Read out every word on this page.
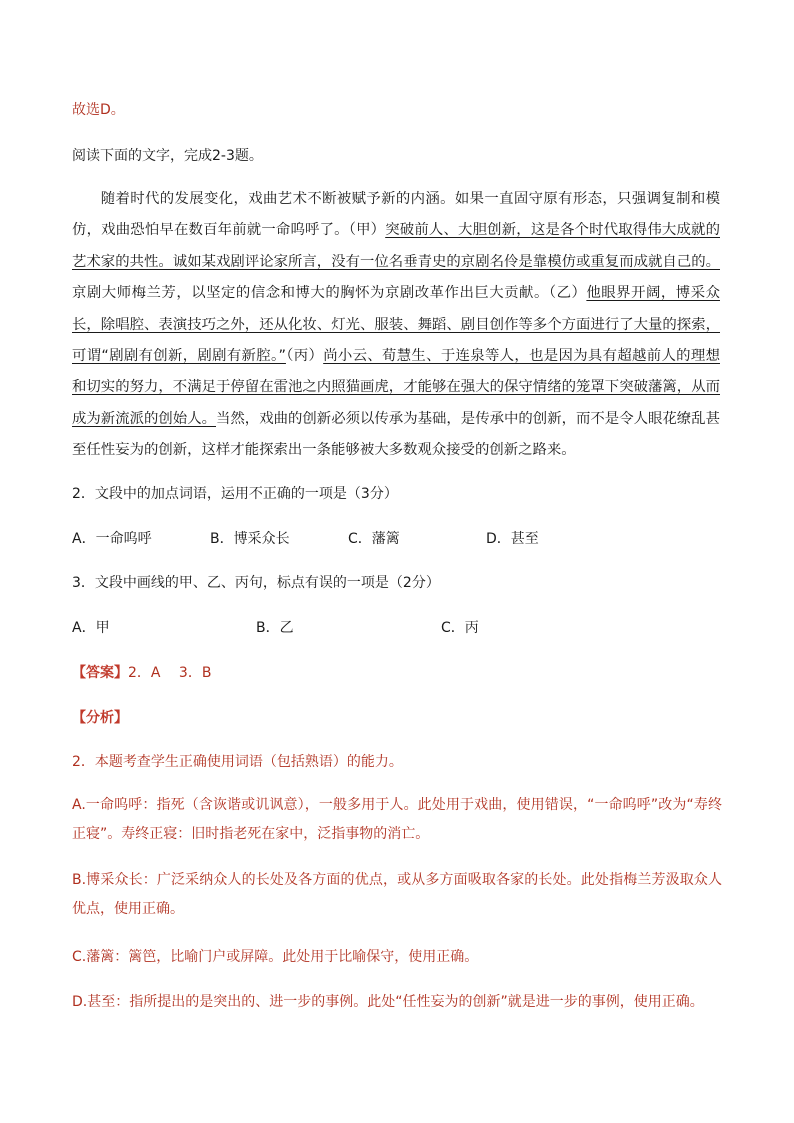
故选D。
阅读下面的文字，完成2-3题。

随着时代的发展变化，戏曲艺术不断被赋予新的内涵。如果一直固守原有形态，只强调复制和模仿，戏曲恐怕早在数百年前就一命呜呼了。（甲）突破前人、大胆创新，这是各个时代取得伟大成就的艺术家的共性。诚如某戏剧评论家所言，没有一位名垂青史的京剧名伶是靠模仿或重复而成就自己的。京剧大师梅兰芳，以坚定的信念和博大的胸怀为京剧改革作出巨大贡献。（乙）他眼界开阔，博采众长，除唱腔、表演技巧之外，还从化妆、灯光、服装、舞蹈、剧目创作等多个方面进行了大量的探索，可谓“剧剧有创新，剧剧有新腔。”（丙）尚小云、荀慧生、于连泉等人，也是因为具有超越前人的理想和切实的努力，不满足于停留在雷池之内照猫画虎，才能够在强大的保守情绪的笼罩下突破藩篱，从而成为新流派的创始人。当然，戏曲的创新必须以传承为基础，是传承中的创新，而不是令人眼花缭乱甚至任性妄为的创新，这样才能探索出一条能够被大多数观众接受的创新之路来。

2．文段中的加点词语，运用不正确的一项是（3分）
A．一命呜呼	B．博采众长	C．藩篱	D．甚至
3．文段中画线的甲、乙、丙句，标点有误的一项是（2分）
A．甲	B．乙	C．丙
【答案】2．A　 3．B
【分析】
2．本题考查学生正确使用词语（包括熟语）的能力。

A.一命呜呼：指死（含诙谐或讥讽意），一般多用于人。此处用于戏曲，使用错误，“一命呜呼”改为“寿终正寝”。寿终正寝：旧时指老死在家中，泛指事物的消亡。

B.博采众长：广泛采纳众人的长处及各方面的优点，或从多方面吸取各家的长处。此处指梅兰芳汲取众人优点，使用正确。

C.藩篱：篱笆，比喻门户或屏障。此处用于比喻保守，使用正确。

D.甚至：指所提出的是突出的、进一步的事例。此处“任性妄为的创新”就是进一步的事例，使用正确。
